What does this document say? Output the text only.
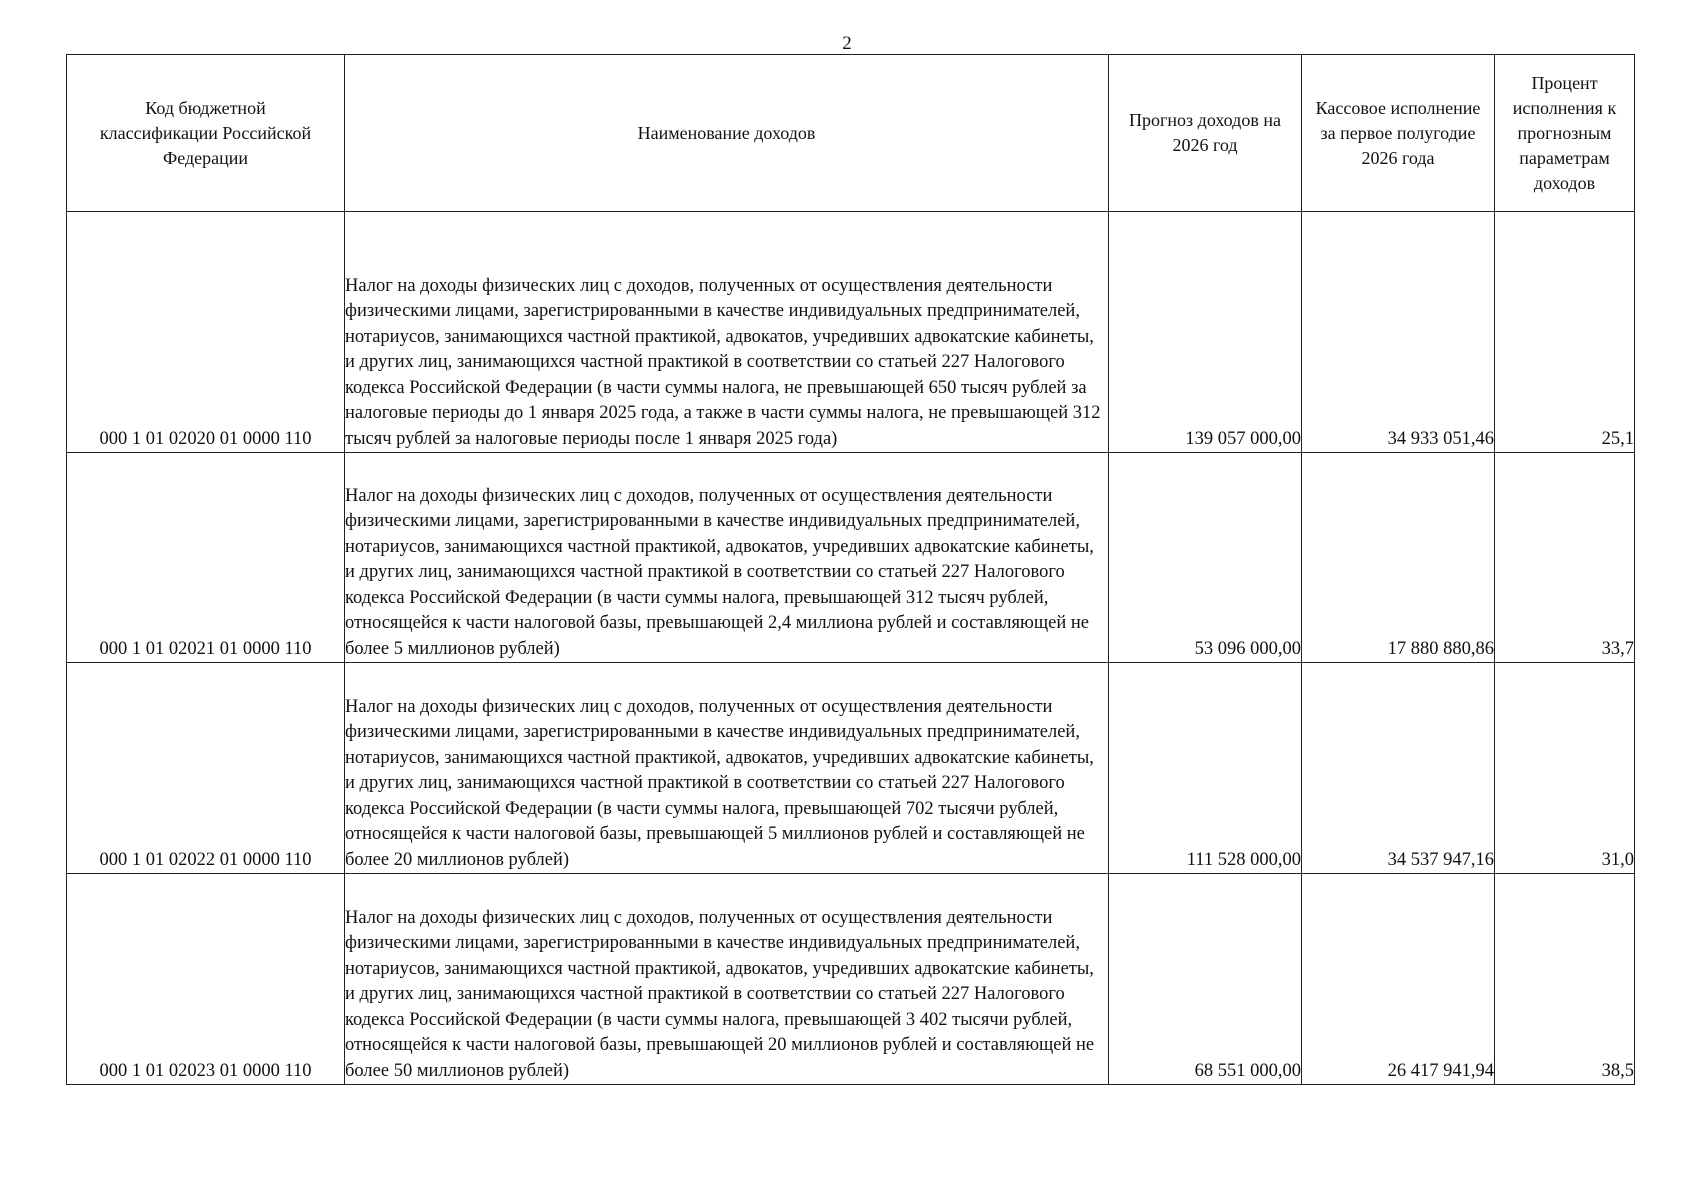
2
Код бюджетной классификации Российской Федерации	Наименование доходов	Прогноз доходов на 2026 год	Кассовое исполнение за первое полугодие 2026 года	Процент исполнения к прогнозным параметрам доходов

000 1 01 02020 01 0000 110	Налог на доходы физических лиц с доходов, полученных от осуществления деятельности физическими лицами, зарегистрированными в качестве индивидуальных предпринимателей, нотариусов, занимающихся частной практикой, адвокатов, учредивших адвокатские кабинеты, и других лиц, занимающихся частной практикой в соответствии со статьей 227 Налогового кодекса Российской Федерации (в части суммы налога, не превышающей 650 тысяч рублей за налоговые периоды до 1 января 2025 года, а также в части суммы налога, не превышающей 312 тысяч рублей за налоговые периоды после 1 января 2025 года)	139 057 000,00	34 933 051,46	25,1
000 1 01 02021 01 0000 110	Налог на доходы физических лиц с доходов, полученных от осуществления деятельности физическими лицами, зарегистрированными в качестве индивидуальных предпринимателей, нотариусов, занимающихся частной практикой, адвокатов, учредивших адвокатские кабинеты, и других лиц, занимающихся частной практикой в соответствии со статьей 227 Налогового кодекса Российской Федерации (в части суммы налога, превышающей 312 тысяч рублей, относящейся к части налоговой базы, превышающей 2,4 миллиона рублей и составляющей не более 5 миллионов рублей)	53 096 000,00	17 880 880,86	33,7
000 1 01 02022 01 0000 110	Налог на доходы физических лиц с доходов, полученных от осуществления деятельности физическими лицами, зарегистрированными в качестве индивидуальных предпринимателей, нотариусов, занимающихся частной практикой, адвокатов, учредивших адвокатские кабинеты, и других лиц, занимающихся частной практикой в соответствии со статьей 227 Налогового кодекса Российской Федерации (в части суммы налога, превышающей 702 тысячи рублей, относящейся к части налоговой базы, превышающей 5 миллионов рублей и составляющей не более 20 миллионов рублей)	111 528 000,00	34 537 947,16	31,0
000 1 01 02023 01 0000 110	Налог на доходы физических лиц с доходов, полученных от осуществления деятельности физическими лицами, зарегистрированными в качестве индивидуальных предпринимателей, нотариусов, занимающихся частной практикой, адвокатов, учредивших адвокатские кабинеты, и других лиц, занимающихся частной практикой в соответствии со статьей 227 Налогового кодекса Российской Федерации (в части суммы налога, превышающей 3 402 тысячи рублей, относящейся к части налоговой базы, превышающей 20 миллионов рублей и составляющей не более 50 миллионов рублей)	68 551 000,00	26 417 941,94	38,5
